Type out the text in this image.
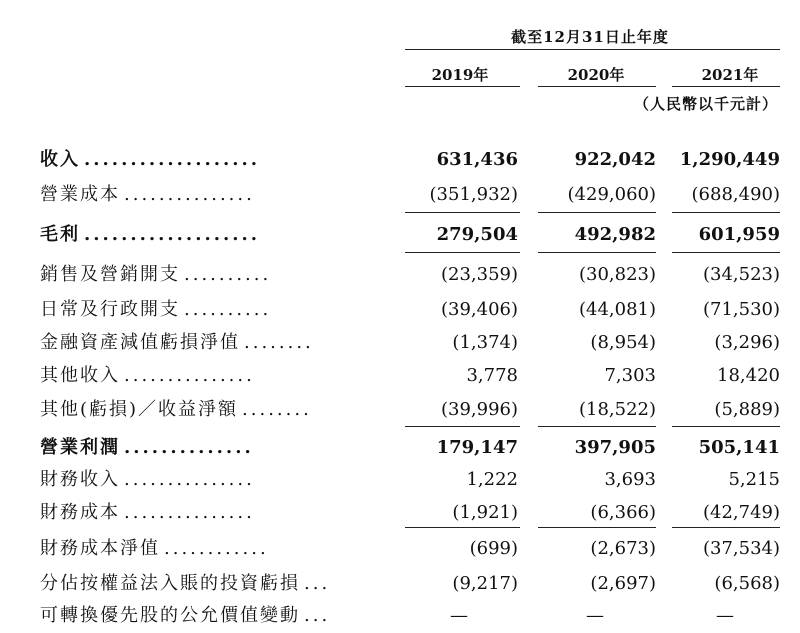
截至12月31日止年度
2019年	2020年	2021年
（人民幣以千元計）
收入 ...................	631,436	922,042	1,290,449
營業成本 ...............	(351,932)	(429,060)	(688,490)
毛利 ...................	279,504	492,982	601,959
銷售及營銷開支 ..........	(23,359)	(30,823)	(34,523)
日常及行政開支 ..........	(39,406)	(44,081)	(71,530)
金融資產減值虧損淨值 ........	(1,374)	(8,954)	(3,296)
其他收入 ...............	3,778	7,303	18,420
其他(虧損)／收益淨額 ........	(39,996)	(18,522)	(5,889)
營業利潤 ..............	179,147	397,905	505,141
財務收入 ...............	1,222	3,693	5,215
財務成本 ...............	(1,921)	(6,366)	(42,749)
財務成本淨值 ............	(699)	(2,673)	(37,534)
分佔按權益法入賬的投資虧損 ...	(9,217)	(2,697)	(6,568)
可轉換優先股的公允價值變動 ...	—	—	—
